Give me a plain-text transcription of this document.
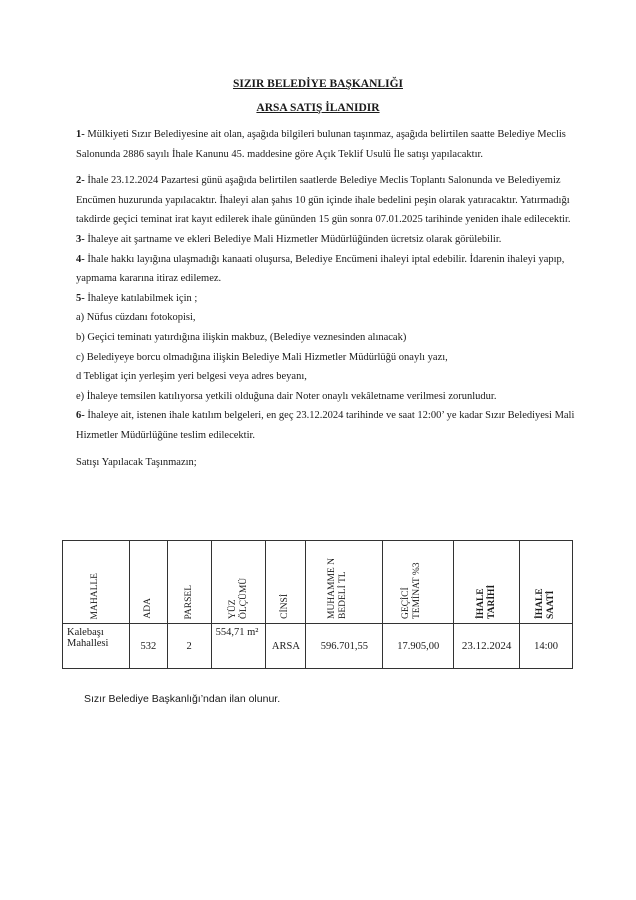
SIZIR BELEDİYE BAŞKANLIĞI
ARSA SATIŞ İLANIDIR

1- Mülkiyeti Sızır Belediyesine ait olan, aşağıda bilgileri bulunan taşınmaz, aşağıda belirtilen saatte Belediye Meclis Salonunda 2886 sayılı İhale Kanunu 45. maddesine göre Açık Teklif Usulü İle satışı yapılacaktır.

2- İhale 23.12.2024 Pazartesi günü aşağıda belirtilen saatlerde Belediye Meclis Toplantı Salonunda ve Belediyemiz Encümen huzurunda yapılacaktır. İhaleyi alan şahıs 10 gün içinde ihale bedelini peşin olarak yatıracaktır. Yatırmadığı takdirde geçici teminat irat kayıt edilerek ihale gününden 15 gün sonra 07.01.2025 tarihinde yeniden ihale edilecektir.

3- İhaleye ait şartname ve ekleri Belediye Mali Hizmetler Müdürlüğünden ücretsiz olarak görülebilir.

4- İhale hakkı layığına ulaşmadığı kanaati oluşursa, Belediye Encümeni ihaleyi iptal edebilir. İdarenin ihaleyi yapıp, yapmama kararına itiraz edilemez.

5- İhaleye katılabilmek için ;

a) Nüfus cüzdanı fotokopisi,

b) Geçici teminatı yatırdığına ilişkin makbuz, (Belediye veznesinden alınacak)

c) Belediyeye borcu olmadığına ilişkin Belediye Mali Hizmetler Müdürlüğü onaylı yazı,

d Tebligat için yerleşim yeri belgesi veya adres beyanı,

e) İhaleye temsilen katılıyorsa yetkili olduğuna dair Noter onaylı vekâletname verilmesi zorunludur.

6- İhaleye ait, istenen ihale katılım belgeleri, en geç 23.12.2024 tarihinde ve saat 12:00’ ye kadar Sızır Belediyesi Mali Hizmetler Müdürlüğüne teslim edilecektir.

Satışı Yapılacak Taşınmazın;

MAHALLE	ADA	PARSEL	YÜZ ÖLÇÜMÜ	CİNSİ	MUHAMME N BEDELİ TL	GEÇİCİ TEMİNAT %3	İHALE TARİHİ	İHALE SAATİ

Kalebaşı Mahallesi	532	2	554,71 m²	ARSA	596.701,55	17.905,00	23.12.2024	14:00
Sızır Belediye Başkanlığı’ndan ilan olunur.
